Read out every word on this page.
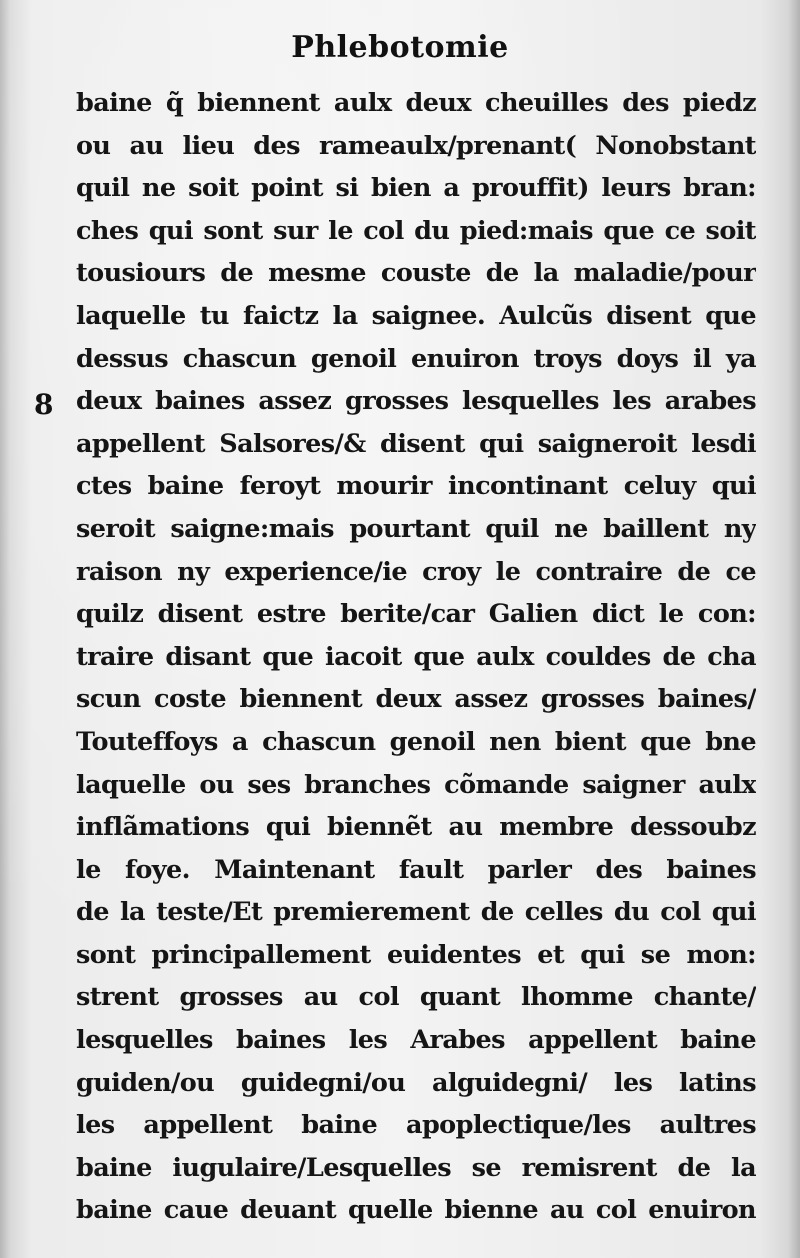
Phlebotomie
8
baine q̃ biennent aulx deux cheuilles des piedz
ou au lieu des rameaulx/prenant( Nonobstant
quil ne soit point si bien a prouffit) leurs bran:
ches qui sont sur le col du pied:mais que ce soit
tousiours de mesme couste de la maladie/pour
laquelle tu faictz la saignee. Aulcũs disent que
dessus chascun genoil enuiron troys doys il ya
deux baines assez grosses lesquelles les arabes
appellent Salsores/& disent qui saigneroit lesdi
ctes baine feroyt mourir incontinant celuy qui
seroit saigne:mais pourtant quil ne baillent ny
raison ny experience/ie croy le contraire de ce
quilz disent estre berite/car Galien dict le con:
traire disant que iacoit que aulx couldes de cha
scun coste biennent deux assez grosses baines/
Touteffoys a chascun genoil nen bient que bne
laquelle ou ses branches cõmande saigner aulx
inflãmations qui biennẽt au membre dessoubz
le foye. Maintenant fault parler des baines
de la teste/Et premierement de celles du col qui
sont principallement euidentes et qui se mon:
strent grosses au col quant lhomme chante/
lesquelles baines les Arabes appellent baine
guiden/ou guidegni/ou alguidegni/ les latins
les appellent baine apoplectique/les aultres
baine iugulaire/Lesquelles se remisrent de la
baine caue deuant quelle bienne au col enuiron
